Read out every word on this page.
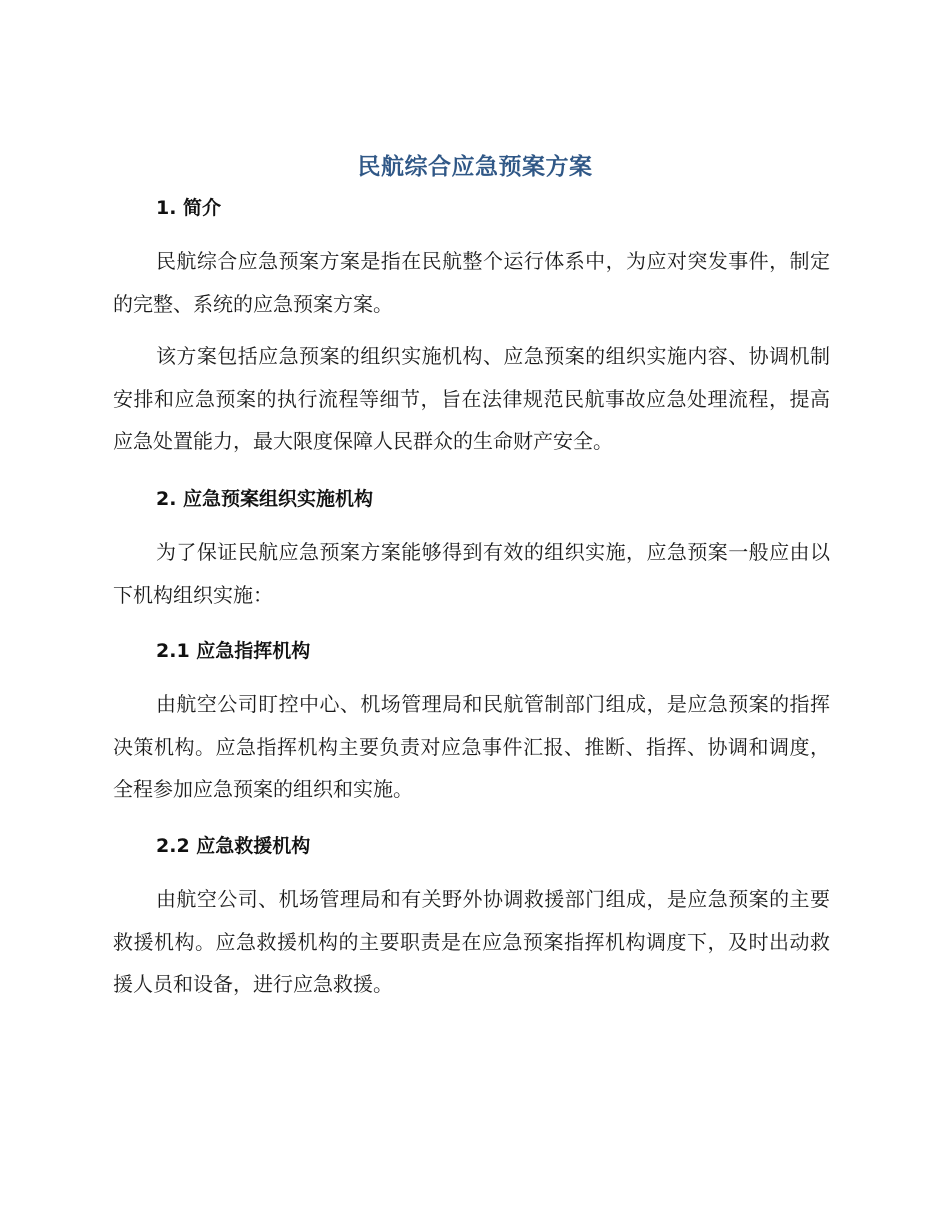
民航综合应急预案方案
1. 简介

民航综合应急预案方案是指在民航整个运行体系中，为应对突发事件，制定的完整、系统的应急预案方案。

该方案包括应急预案的组织实施机构、应急预案的组织实施内容、协调机制安排和应急预案的执行流程等细节，旨在法律规范民航事故应急处理流程，提高应急处置能力，最大限度保障人民群众的生命财产安全。

2. 应急预案组织实施机构

为了保证民航应急预案方案能够得到有效的组织实施，应急预案一般应由以下机构组织实施：

2.1 应急指挥机构

由航空公司盯控中心、机场管理局和民航管制部门组成，是应急预案的指挥决策机构。应急指挥机构主要负责对应急事件汇报、推断、指挥、协调和调度，全程参加应急预案的组织和实施。

2.2 应急救援机构

由航空公司、机场管理局和有关野外协调救援部门组成，是应急预案的主要救援机构。应急救援机构的主要职责是在应急预案指挥机构调度下，及时出动救援人员和设备，进行应急救援。
